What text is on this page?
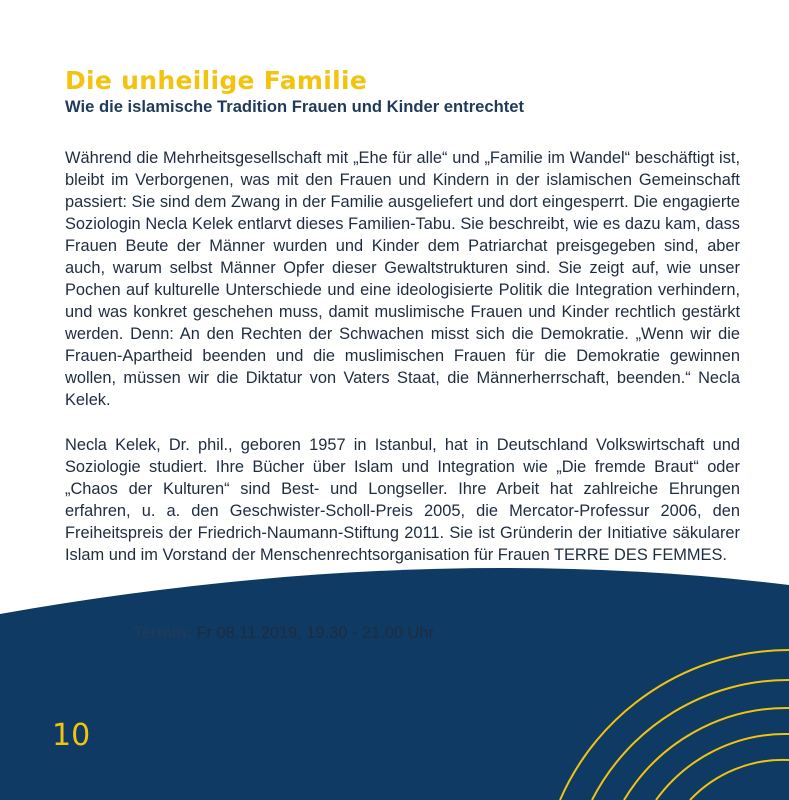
Die unheilige Familie
Wie die islamische Tradition Frauen und Kinder entrechtet

Während die Mehrheitsgesellschaft mit „Ehe für alle“ und „Familie im Wandel“ beschäftigt ist, bleibt im Verborgenen, was mit den Frauen und Kindern in der islamischen Gemeinschaft passiert: Sie sind dem Zwang in der Familie ausgeliefert und dort eingesperrt. Die engagierte Soziologin Necla Kelek entlarvt dieses Familien-Tabu. Sie beschreibt, wie es dazu kam, dass Frauen Beute der Männer wurden und Kinder dem Patriarchat preisgegeben sind, aber auch, warum selbst Männer Opfer dieser Gewaltstrukturen sind. Sie zeigt auf, wie unser Pochen auf kulturelle Unterschiede und eine ideologisierte Politik die Integration verhindern, und was konkret geschehen muss, damit muslimische Frauen und Kinder rechtlich gestärkt werden. Denn: An den Rechten der Schwachen misst sich die Demokratie. „Wenn wir die Frauen-Apartheid beenden und die muslimischen Frauen für die Demokratie gewinnen wollen, müssen wir die Diktatur von Vaters Staat, die Männerherrschaft, beenden.“ Necla Kelek.

Necla Kelek, Dr. phil., geboren 1957 in Istanbul, hat in Deutschland Volkswirtschaft und Soziologie studiert. Ihre Bücher über Islam und Integration wie „Die fremde Braut“ oder „Chaos der Kulturen“ sind Best- und Longseller. Ihre Arbeit hat zahlreiche Ehrungen erfahren, u. a. den Geschwister-Scholl-Preis 2005, die Mercator-Professur 2006, den Freiheitspreis der Friedrich-Naumann-Stiftung 2011. Sie ist Gründerin der Initiative säkularer Islam und im Vorstand der Menschenrechtsorganisation für Frauen TERRE DES FEMMES.

Termin: Fr 08.11.2019, 19.30 - 21.00 Uhr

10
